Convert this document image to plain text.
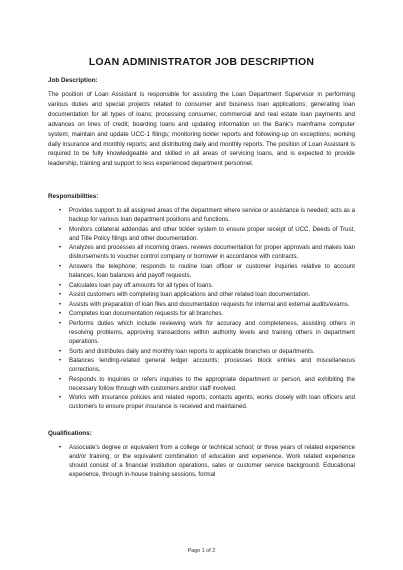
LOAN ADMINISTRATOR JOB DESCRIPTION
Job Description:
The position of Loan Assistant is responsible for assisting the Loan Department Supervisor in performing various duties and special projects related to consumer and business loan applications; generating loan documentation for all types of loans; processing consumer, commercial and real estate loan payments and advances on lines of credit; boarding loans and updating information on the Bank’s mainframe computer system; maintain and update UCC-1 filings; monitoring tickler reports and following-up on exceptions; working daily insurance and monthly reports; and distributing daily and monthly reports. The position of Loan Assistant is required to be fully knowledgeable and skilled in all areas of servicing loans, and is expected to provide leadership, training and support to less experienced department personnel.
Responsibilities:
• Provides support to all assigned areas of the department where service or assistance is needed; acts as a backup for various loan department positions and functions.
• Monitors collateral addendas and other tickler system to ensure proper receipt of UCC, Deeds of Trust, and Title Policy filings and other documentation.
• Analyzes and processes all incoming draws, reviews documentation for proper approvals and makes loan disbursements to voucher control company or borrower in accordance with contracts.
• Answers the telephone; responds to routine loan officer or customer inquiries relative to account balances, loan balances and payoff requests.
• Calculates loan pay off amounts for all types of loans.
• Assist customers with completing loan applications and other related loan documentation.
• Assists with preparation of loan files and documentation requests for internal and external audits/exams.
• Completes loan documentation requests for all branches.
• Performs duties which include reviewing work for accuracy and completeness, assisting others in resolving problems, approving transactions within authority levels and training others in department operations.
• Sorts and distributes daily and monthly loan reports to applicable branches or departments.
• Balances lending-related general ledger accounts; processes block entries and miscellaneous corrections.
• Responds to inquiries or refers inquiries to the appropriate department or person, and exhibiting the necessary follow through with customers and/or staff involved.
• Works with insurance policies and related reports; contacts agents; works closely with loan officers and customers to ensure proper insurance is received and maintained.
Qualifications:
• Associate’s degree or equivalent from a college or technical school; or three years of related experience and/or training; or the equivalent combination of education and experience. Work related experience should consist of a financial institution operations, sales or customer service background. Educational experience, through in-house training sessions, formal
Page 1 of 2
